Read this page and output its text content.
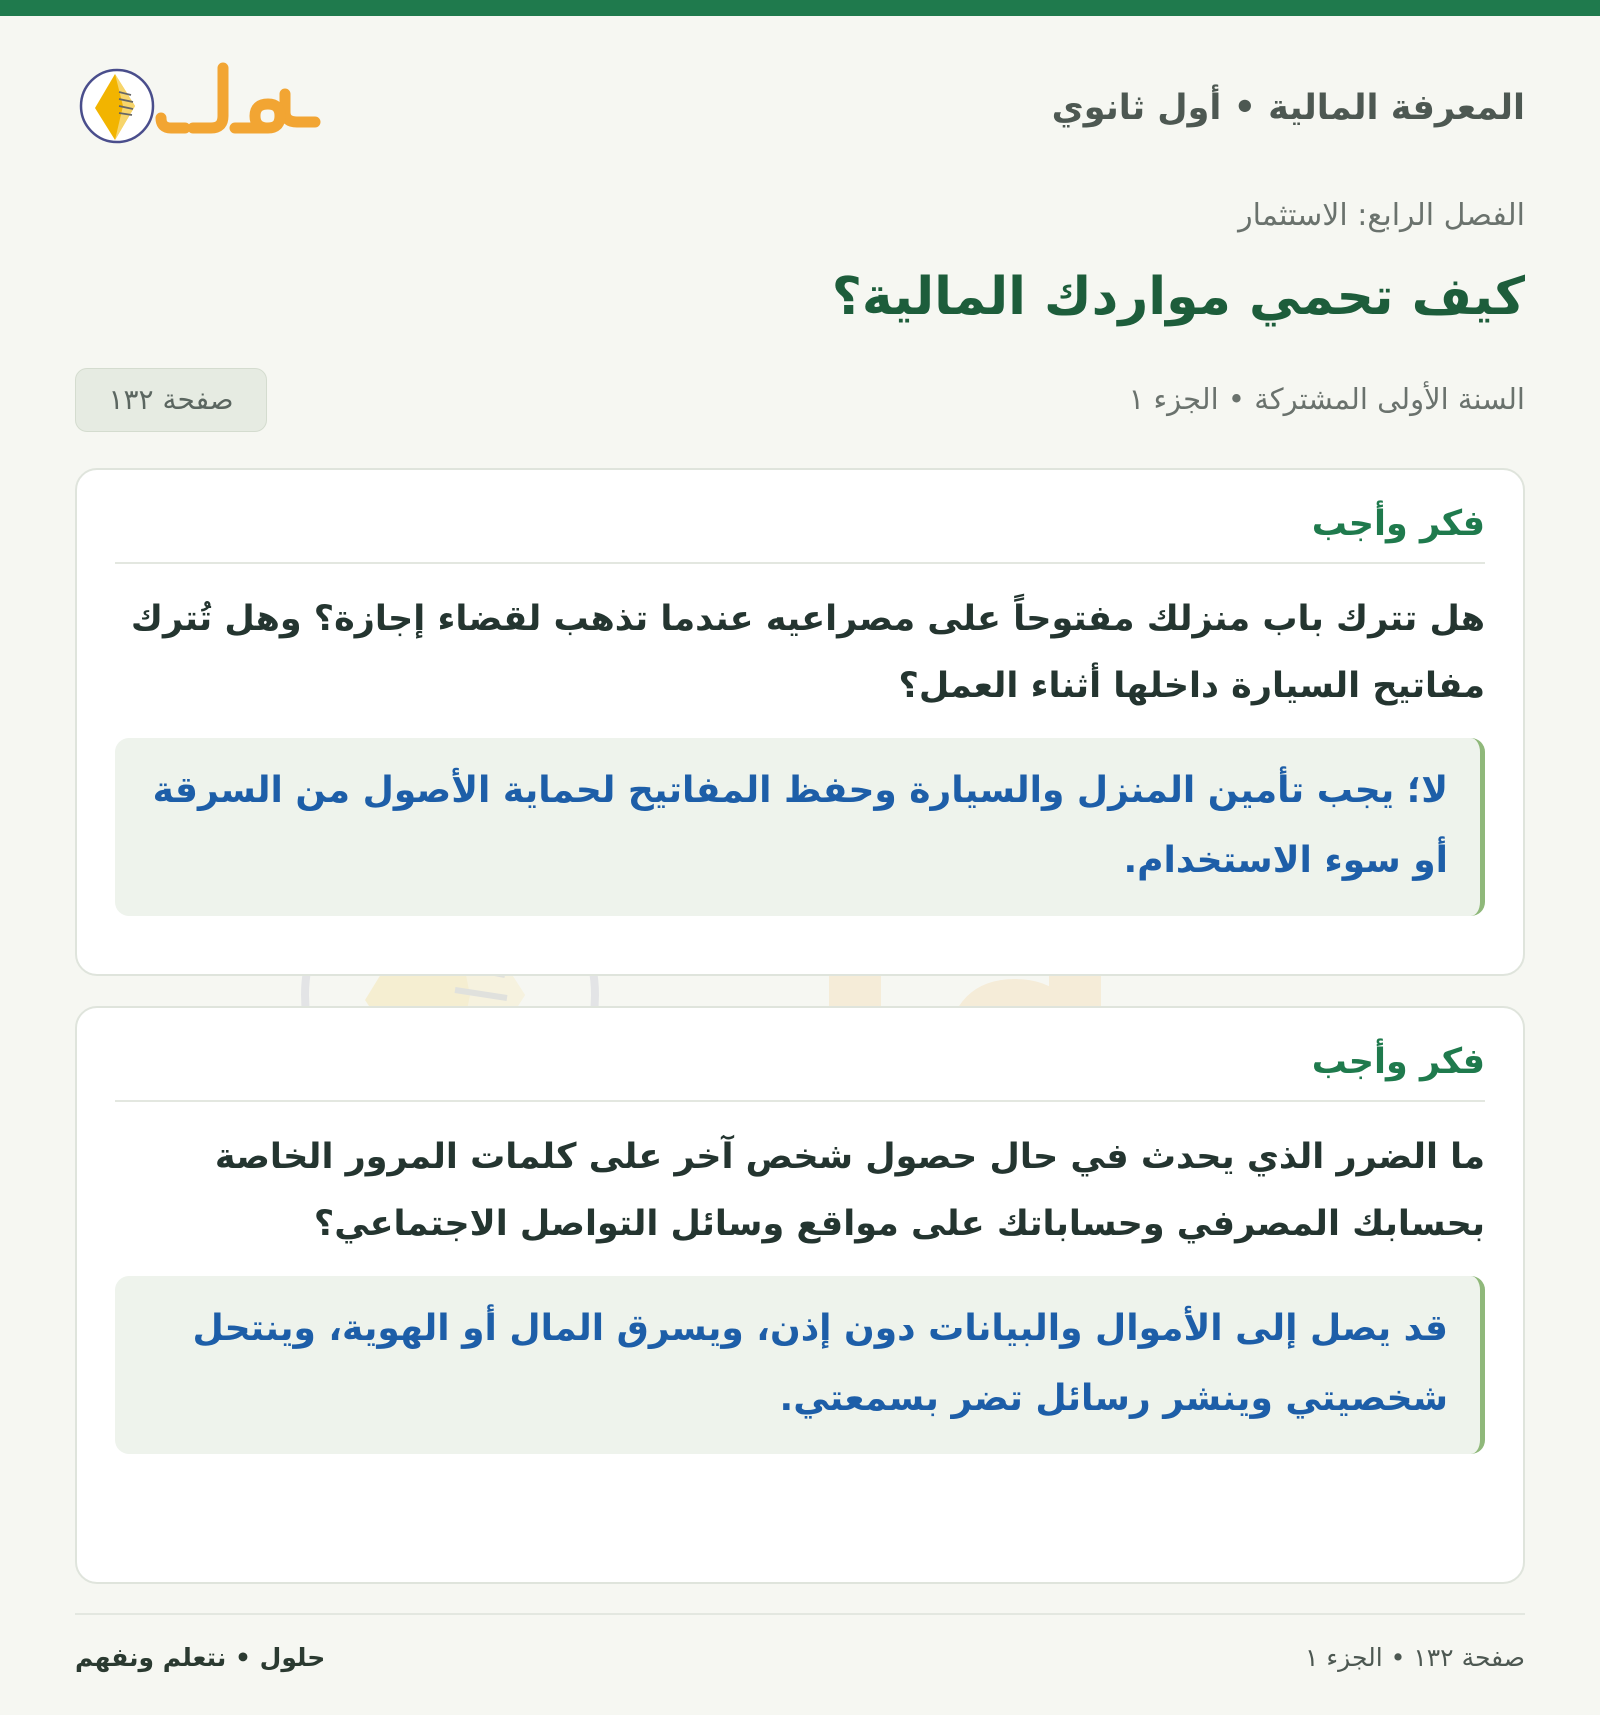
المعرفة المالية • أول ثانوي
الفصل الرابع: الاستثمار
كيف تحمي مواردك المالية؟
السنة الأولى المشتركة • الجزء ١
صفحة ١٣٢
فكر وأجب
هل تترك باب منزلك مفتوحاً على مصراعيه عندما تذهب لقضاء إجازة؟ وهل تُترك مفاتيح السيارة داخلها أثناء العمل؟
لا؛ يجب تأمين المنزل والسيارة وحفظ المفاتيح لحماية الأصول من السرقة أو سوء الاستخدام.
فكر وأجب
ما الضرر الذي يحدث في حال حصول شخص آخر على كلمات المرور الخاصة بحسابك المصرفي وحساباتك على مواقع وسائل التواصل الاجتماعي؟
قد يصل إلى الأموال والبيانات دون إذن، ويسرق المال أو الهوية، وينتحل شخصيتي وينشر رسائل تضر بسمعتي.
صفحة ١٣٢ • الجزء ١
حلول • نتعلم ونفهم
